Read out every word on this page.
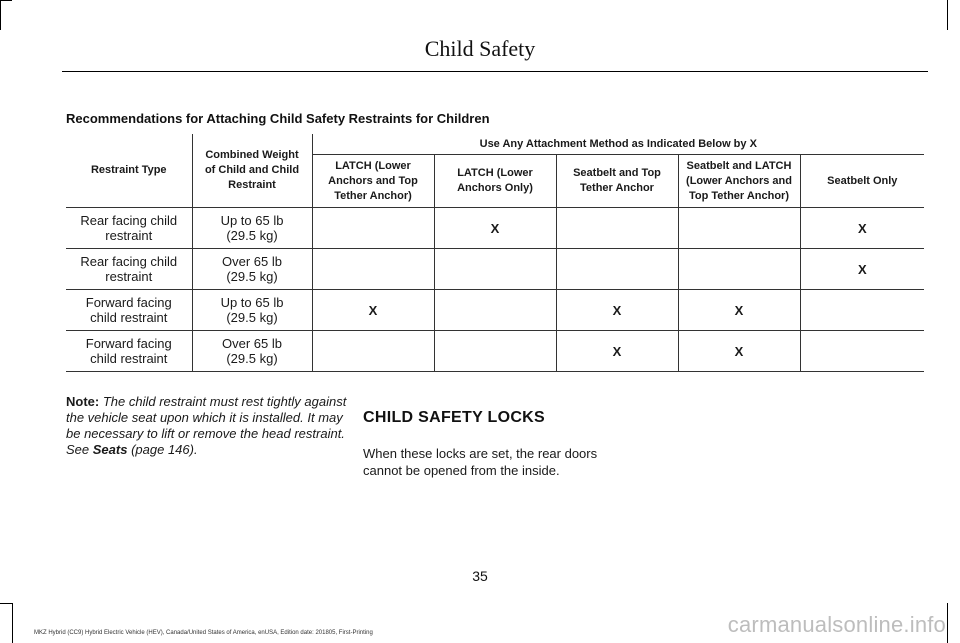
Child Safety
Recommendations for Attaching Child Safety Restraints for Children
Restraint Type	Combined Weight
of Child and Child
Restraint	Use Any Attachment Method as Indicated Below by X				
		LATCH (Lower
Anchors and Top
Tether Anchor)	LATCH (Lower
Anchors Only)	Seatbelt and Top
Tether Anchor	Seatbelt and LATCH
(Lower Anchors and
Top Tether Anchor)	Seatbelt Only
Rear facing child
restraint	Up to 65 lb
(29.5 kg)		X			X
Rear facing child
restraint	Over 65 lb
(29.5 kg)					X
Forward facing
child restraint	Up to 65 lb
(29.5 kg)	X		X	X	
Forward facing
child restraint	Over 65 lb
(29.5 kg)			X	X	
Note: The child restraint must rest tightly against the vehicle seat upon which it is installed. It may be necessary to lift or remove the head restraint. See Seats (page 146).
CHILD SAFETY LOCKS
When these locks are set, the rear doors cannot be opened from the inside.
35
MKZ Hybrid (CC9) Hybrid Electric Vehicle (HEV), Canada/United States of America, enUSA, Edition date: 201805, First-Printing	carmanualsonline.info
